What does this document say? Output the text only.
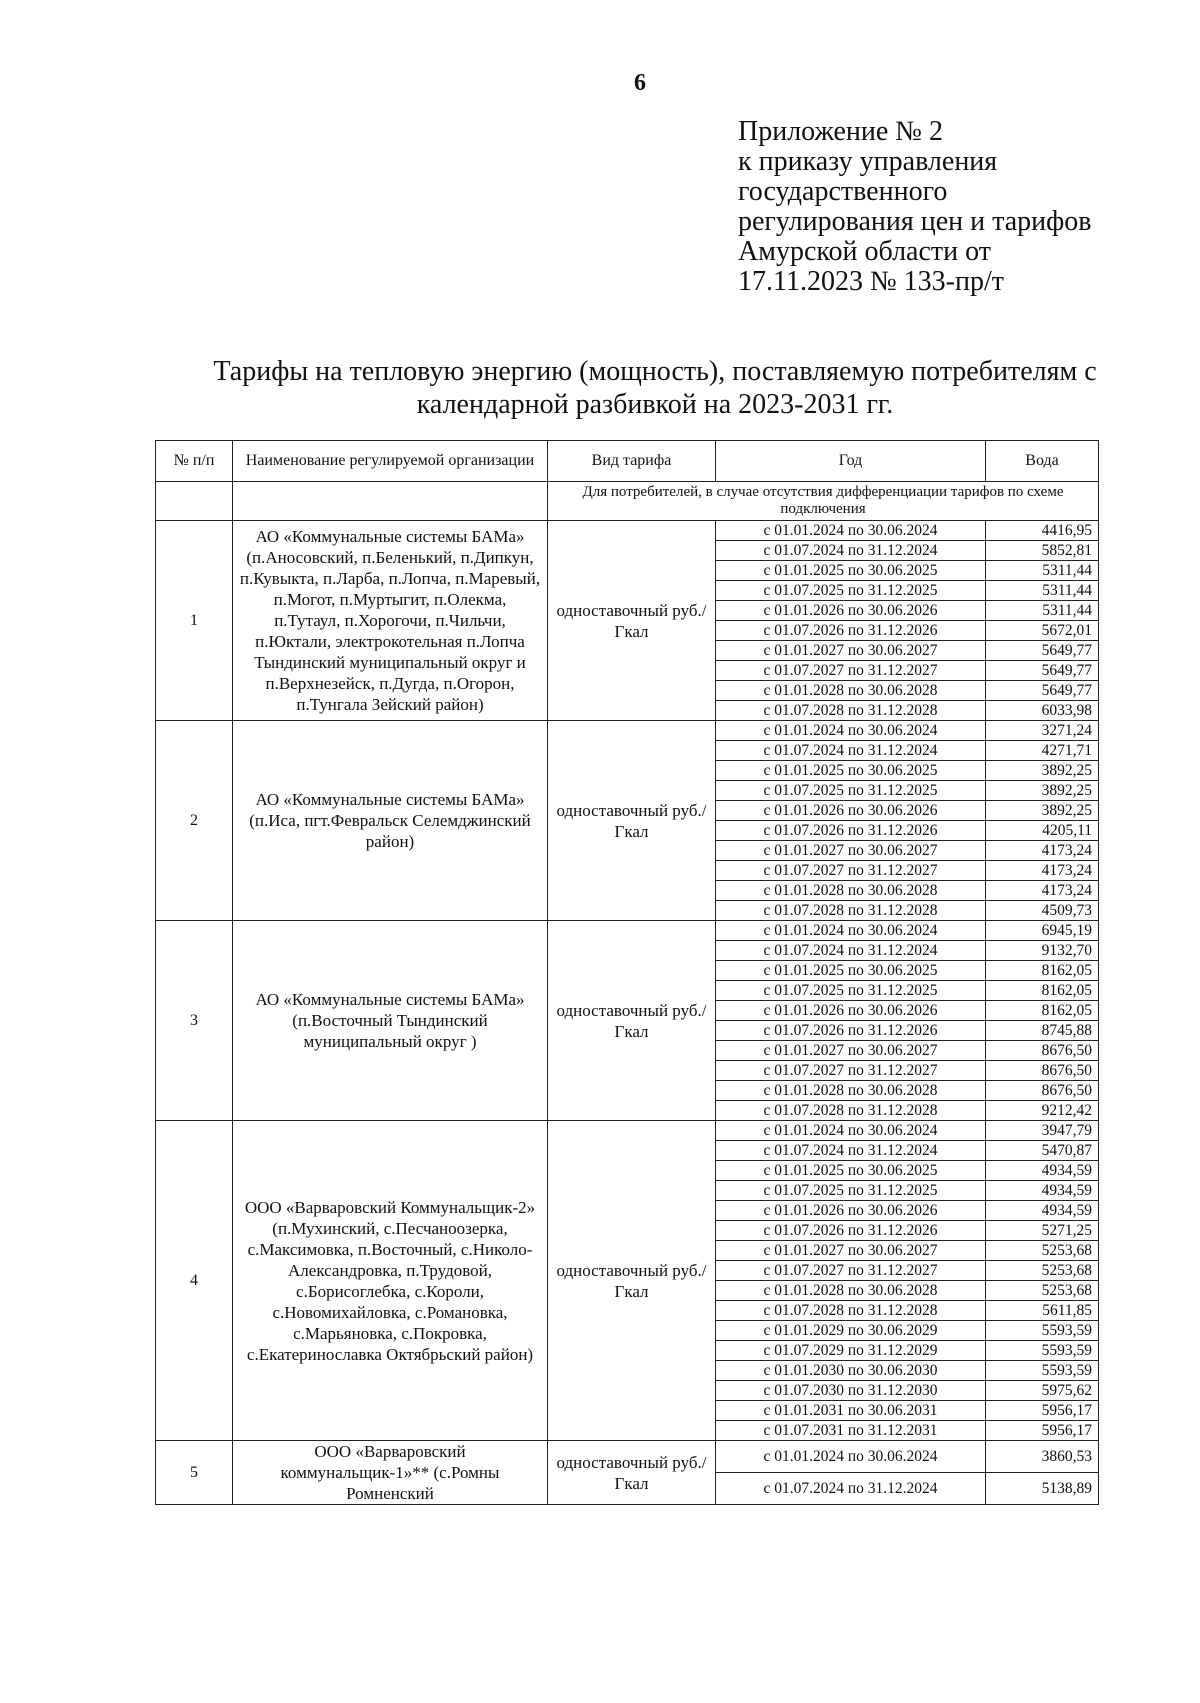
6
Приложение № 2
к приказу управления
государственного
регулирования цен и тарифов
Амурской области от
17.11.2023 № 133-пр/т
Тарифы на тепловую энергию (мощность), поставляемую потребителям с
календарной разбивкой на 2023-2031 гг.
№ п/п	Наименование регулируемой организации	Вид тарифа	Год	Вода
		Для потребителей, в случае отсутствия дифференциации тарифов по схеме подключения		
1	АО «Коммунальные системы БАМа» (п.Аносовский, п.Беленький, п.Дипкун, п.Кувыкта, п.Ларба, п.Лопча, п.Маревый, п.Могот, п.Муртыгит, п.Олекма, п.Тутаул, п.Хорогочи, п.Чильчи, п.Юктали, электрокотельная п.Лопча Тындинский муниципальный округ и п.Верхнезейск, п.Дугда, п.Огорон, п.Тунгала Зейский район)	одноставочный руб./Гкал	с 01.01.2024 по 30.06.2024	4416,95
			с 01.07.2024 по 31.12.2024	5852,81
			с 01.01.2025 по 30.06.2025	5311,44
			с 01.07.2025 по 31.12.2025	5311,44
			с 01.01.2026 по 30.06.2026	5311,44
			с 01.07.2026 по 31.12.2026	5672,01
			с 01.01.2027 по 30.06.2027	5649,77
			с 01.07.2027 по 31.12.2027	5649,77
			с 01.01.2028 по 30.06.2028	5649,77
			с 01.07.2028 по 31.12.2028	6033,98
2	АО «Коммунальные системы БАМа» (п.Иса, пгт.Февральск Селемджинский район)	одноставочный руб./Гкал	с 01.01.2024 по 30.06.2024	3271,24
			с 01.07.2024 по 31.12.2024	4271,71
			с 01.01.2025 по 30.06.2025	3892,25
			с 01.07.2025 по 31.12.2025	3892,25
			с 01.01.2026 по 30.06.2026	3892,25
			с 01.07.2026 по 31.12.2026	4205,11
			с 01.01.2027 по 30.06.2027	4173,24
			с 01.07.2027 по 31.12.2027	4173,24
			с 01.01.2028 по 30.06.2028	4173,24
			с 01.07.2028 по 31.12.2028	4509,73
3	АО «Коммунальные системы БАМа» (п.Восточный Тындинский муниципальный округ )	одноставочный руб./Гкал	с 01.01.2024 по 30.06.2024	6945,19
			с 01.07.2024 по 31.12.2024	9132,70
			с 01.01.2025 по 30.06.2025	8162,05
			с 01.07.2025 по 31.12.2025	8162,05
			с 01.01.2026 по 30.06.2026	8162,05
			с 01.07.2026 по 31.12.2026	8745,88
			с 01.01.2027 по 30.06.2027	8676,50
			с 01.07.2027 по 31.12.2027	8676,50
			с 01.01.2028 по 30.06.2028	8676,50
			с 01.07.2028 по 31.12.2028	9212,42
4	ООО «Варваровский Коммунальщик-2» (п.Мухинский, с.Песчаноозерка, с.Максимовка, п.Восточный, с.Николо-Александровка, п.Трудовой, с.Борисоглебка, с.Короли, с.Новомихайловка, с.Романовка, с.Марьяновка, с.Покровка, с.Екатеринославка Октябрьский район)	одноставочный руб./Гкал	с 01.01.2024 по 30.06.2024	3947,79
			с 01.07.2024 по 31.12.2024	5470,87
			с 01.01.2025 по 30.06.2025	4934,59
			с 01.07.2025 по 31.12.2025	4934,59
			с 01.01.2026 по 30.06.2026	4934,59
			с 01.07.2026 по 31.12.2026	5271,25
			с 01.01.2027 по 30.06.2027	5253,68
			с 01.07.2027 по 31.12.2027	5253,68
			с 01.01.2028 по 30.06.2028	5253,68
			с 01.07.2028 по 31.12.2028	5611,85
			с 01.01.2029 по 30.06.2029	5593,59
			с 01.07.2029 по 31.12.2029	5593,59
			с 01.01.2030 по 30.06.2030	5593,59
			с 01.07.2030 по 31.12.2030	5975,62
			с 01.01.2031 по 30.06.2031	5956,17
			с 01.07.2031 по 31.12.2031	5956,17
5	ООО «Варваровский коммунальщик-1»** (с.Ромны Ромненский	одноставочный руб./Гкал	с 01.01.2024 по 30.06.2024	3860,53
			с 01.07.2024 по 31.12.2024	5138,89
